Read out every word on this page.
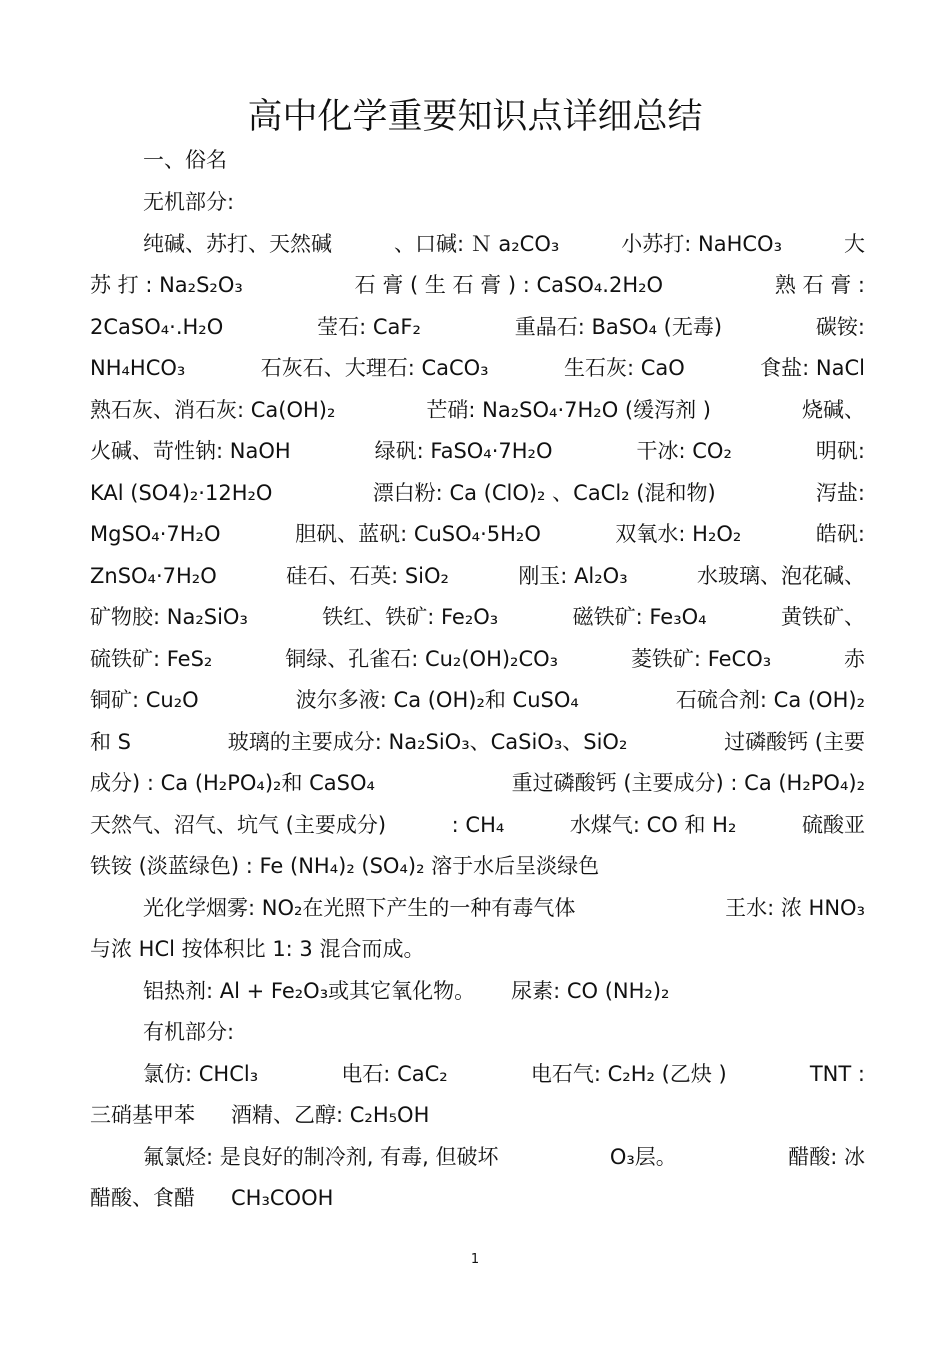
高中化学重要知识点详细总结
一、俗名
无机部分:
纯碱、苏打、天然碱	、口碱: Ｎ a₂CO₃	小苏打: NaHCO₃	大
苏 打 : Na₂S₂O₃	石 膏 ( 生 石 膏 ) : CaSO₄.2H₂O	熟 石 膏 :
2CaSO₄·.H₂O	莹石: CaF₂	重晶石: BaSO₄ (无毒)	碳铵:
NH₄HCO₃	石灰石、大理石: CaCO₃	生石灰: CaO	食盐: NaCl
熟石灰、消石灰: Ca(OH)₂	芒硝: Na₂SO₄·7H₂O (缓泻剂 )	烧碱、
火碱、苛性钠: NaOH	绿矾: FaSO₄·7H₂O	干冰: CO₂	明矾:
KAl (SO4)₂·12H₂O	漂白粉: Ca (ClO)₂ 、CaCl₂ (混和物)	泻盐:
MgSO₄·7H₂O	胆矾、蓝矾: CuSO₄·5H₂O	双氧水: H₂O₂	皓矾:
ZnSO₄·7H₂O	硅石、石英: SiO₂	刚玉: Al₂O₃	水玻璃、泡花碱、
矿物胶: Na₂SiO₃	铁红、铁矿: Fe₂O₃	磁铁矿: Fe₃O₄	黄铁矿、
硫铁矿: FeS₂	铜绿、孔雀石: Cu₂(OH)₂CO₃	菱铁矿: FeCO₃	赤
铜矿: Cu₂O	波尔多液: Ca (OH)₂和 CuSO₄	石硫合剂: Ca (OH)₂
和 S	玻璃的主要成分: Na₂SiO₃、CaSiO₃、SiO₂	过磷酸钙 (主要
成分) : Ca (H₂PO₄)₂和 CaSO₄	重过磷酸钙 (主要成分) : Ca (H₂PO₄)₂
天然气、沼气、坑气 (主要成分)	: CH₄	水煤气: CO 和 H₂	硫酸亚
铁铵 (淡蓝绿色) : Fe (NH₄)₂ (SO₄)₂ 溶于水后呈淡绿色
光化学烟雾: NO₂在光照下产生的一种有毒气体	王水: 浓 HNO₃
与浓 HCl 按体积比 1: 3 混合而成。
铝热剂: Al + Fe₂O₃或其它氧化物。 尿素: CO (NH₂)₂
有机部分:
氯仿: CHCl₃	电石: CaC₂	电石气: C₂H₂ (乙炔 )	TNT :
三硝基甲苯 酒精、乙醇: C₂H₅OH
氟氯烃: 是良好的制冷剂, 有毒, 但破坏	O₃层。	醋酸: 冰
醋酸、食醋 CH₃COOH
1
